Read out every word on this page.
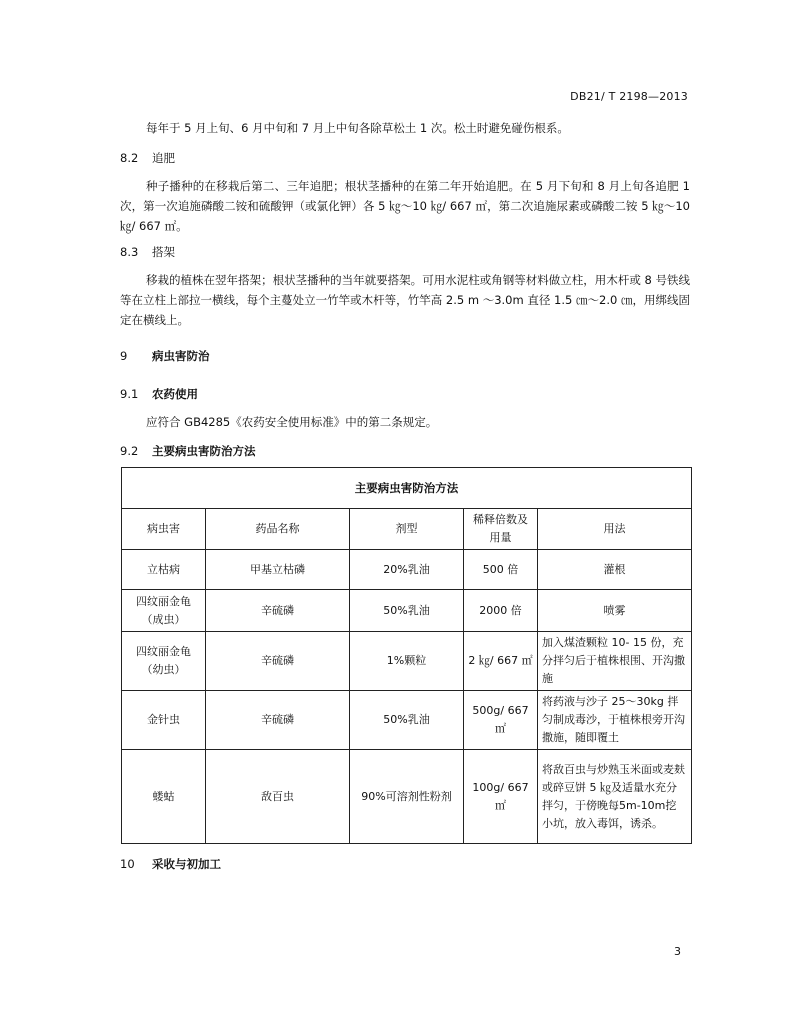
DB21/ T 2198—2013
每年于 5 月上旬、6 月中旬和 7 月上中旬各除草松土 1 次。松土时避免碰伤根系。
8.2 追肥
种子播种的在移栽后第二、三年追肥；根状茎播种的在第二年开始追肥。在 5 月下旬和 8 月上旬各追肥 1 次，第一次追施磷酸二铵和硫酸钾（或氯化钾）各 5 ㎏～10 ㎏/ 667 ㎡，第二次追施尿素或磷酸二铵 5 ㎏～10 ㎏/ 667 ㎡。
8.3 搭架
移栽的植株在翌年搭架；根状茎播种的当年就要搭架。可用水泥柱或角钢等材料做立柱，用木杆或 8 号铁线等在立柱上部拉一横线，每个主蔓处立一竹竿或木杆等，竹竿高 2.5 m ～3.0m 直径 1.5 ㎝～2.0 ㎝，用绑线固定在横线上。
9 病虫害防治
9.1 农药使用
应符合 GB4285《农药安全使用标准》中的第二条规定。
9.2 主要病虫害防治方法
主要病虫害防治方法				
病虫害	药品名称	剂型	稀释倍数及用量	用法
立枯病	甲基立枯磷	20%乳油	500 倍	灌根
四纹丽金龟（成虫）	辛硫磷	50%乳油	2000 倍	喷雾
四纹丽金龟（幼虫）	辛硫磷	1%颗粒	2 ㎏/ 667 ㎡	加入煤渣颗粒 10- 15 份，充分拌匀后于植株根围、开沟撒施
金针虫	辛硫磷	50%乳油	500g/ 667 ㎡	将药液与沙子 25～30kg 拌匀制成毒沙，于植株根旁开沟撒施，随即覆土
蝼蛄	敌百虫	90%可溶剂性粉剂	100g/ 667 ㎡	将敌百虫与炒熟玉米面或麦麸或碎豆饼 5 ㎏及适量水充分拌匀，于傍晚每5m-10m挖小坑，放入毒饵，诱杀。
10 采收与初加工
3
